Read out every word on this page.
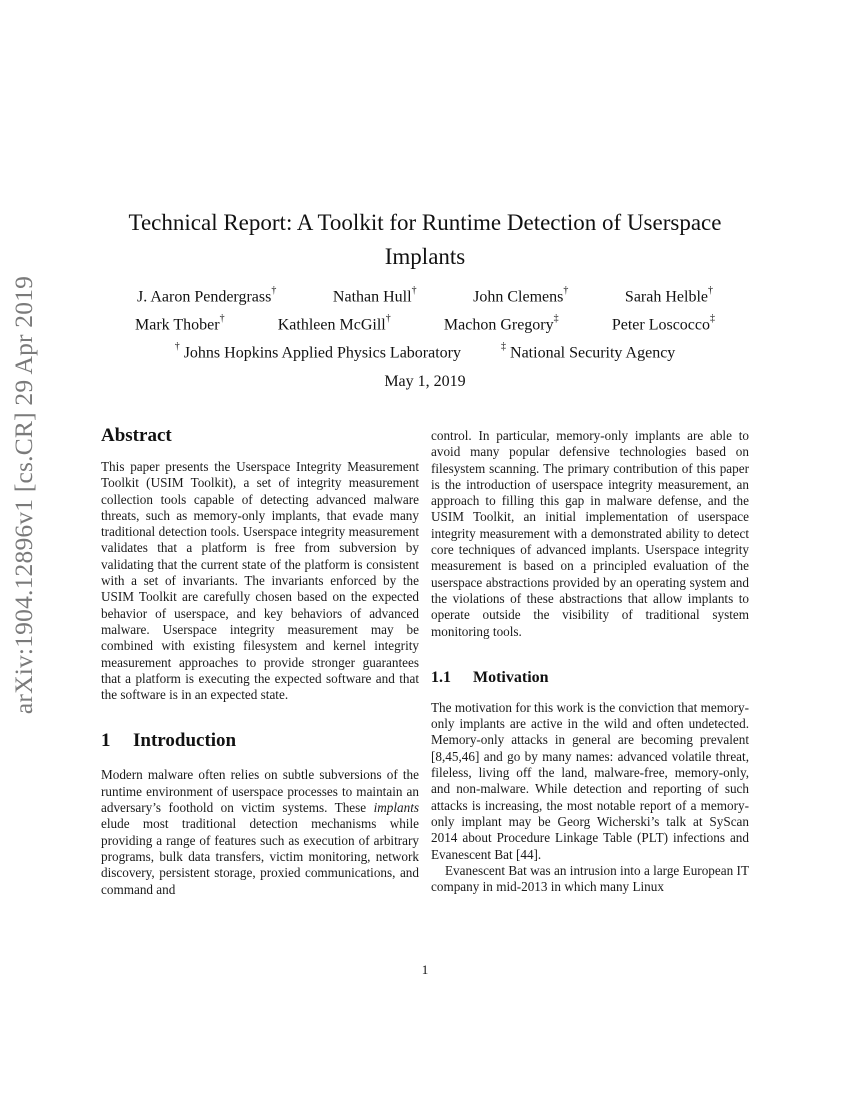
arXiv:1904.12896v1 [cs.CR] 29 Apr 2019
Technical Report: A Toolkit for Runtime Detection of Userspace Implants
J. Aaron Pendergrass†	Nathan Hull†	John Clemens†	Sarah Helble†
Mark Thober†	Kathleen McGill†	Machon Gregory‡	Peter Loscocco‡
† Johns Hopkins Applied Physics Laboratory	‡ National Security Agency
May 1, 2019
Abstract

This paper presents the Userspace Integrity Measurement Toolkit (USIM Toolkit), a set of integrity measurement collection tools capable of detecting advanced malware threats, such as memory-only implants, that evade many traditional detection tools. Userspace integrity measurement validates that a platform is free from subversion by validating that the current state of the platform is consistent with a set of invariants. The invariants enforced by the USIM Toolkit are carefully chosen based on the expected behavior of userspace, and key behaviors of advanced malware. Userspace integrity measurement may be combined with existing filesystem and kernel integrity measurement approaches to provide stronger guarantees that a platform is executing the expected software and that the software is in an expected state.

1 Introduction

Modern malware often relies on subtle subversions of the runtime environment of userspace processes to maintain an adversary’s foothold on victim systems. These implants elude most traditional detection mechanisms while providing a range of features such as execution of arbitrary programs, bulk data transfers, victim monitoring, network discovery, persistent storage, proxied communications, and command and

control. In particular, memory-only implants are able to avoid many popular defensive technologies based on filesystem scanning. The primary contribution of this paper is the introduction of userspace integrity measurement, an approach to filling this gap in malware defense, and the USIM Toolkit, an initial implementation of userspace integrity measurement with a demonstrated ability to detect core techniques of advanced implants. Userspace integrity measurement is based on a principled evaluation of the userspace abstractions provided by an operating system and the violations of these abstractions that allow implants to operate outside the visibility of traditional system monitoring tools.

1.1 Motivation

The motivation for this work is the conviction that memory-only implants are active in the wild and often undetected. Memory-only attacks in general are becoming prevalent [8,45,46] and go by many names: advanced volatile threat, fileless, living off the land, malware-free, memory-only, and non-malware. While detection and reporting of such attacks is increasing, the most notable report of a memory-only implant may be Georg Wicherski’s talk at SyScan 2014 about Procedure Linkage Table (PLT) infections and Evanescent Bat [44].

Evanescent Bat was an intrusion into a large European IT company in mid-2013 in which many Linux

1
